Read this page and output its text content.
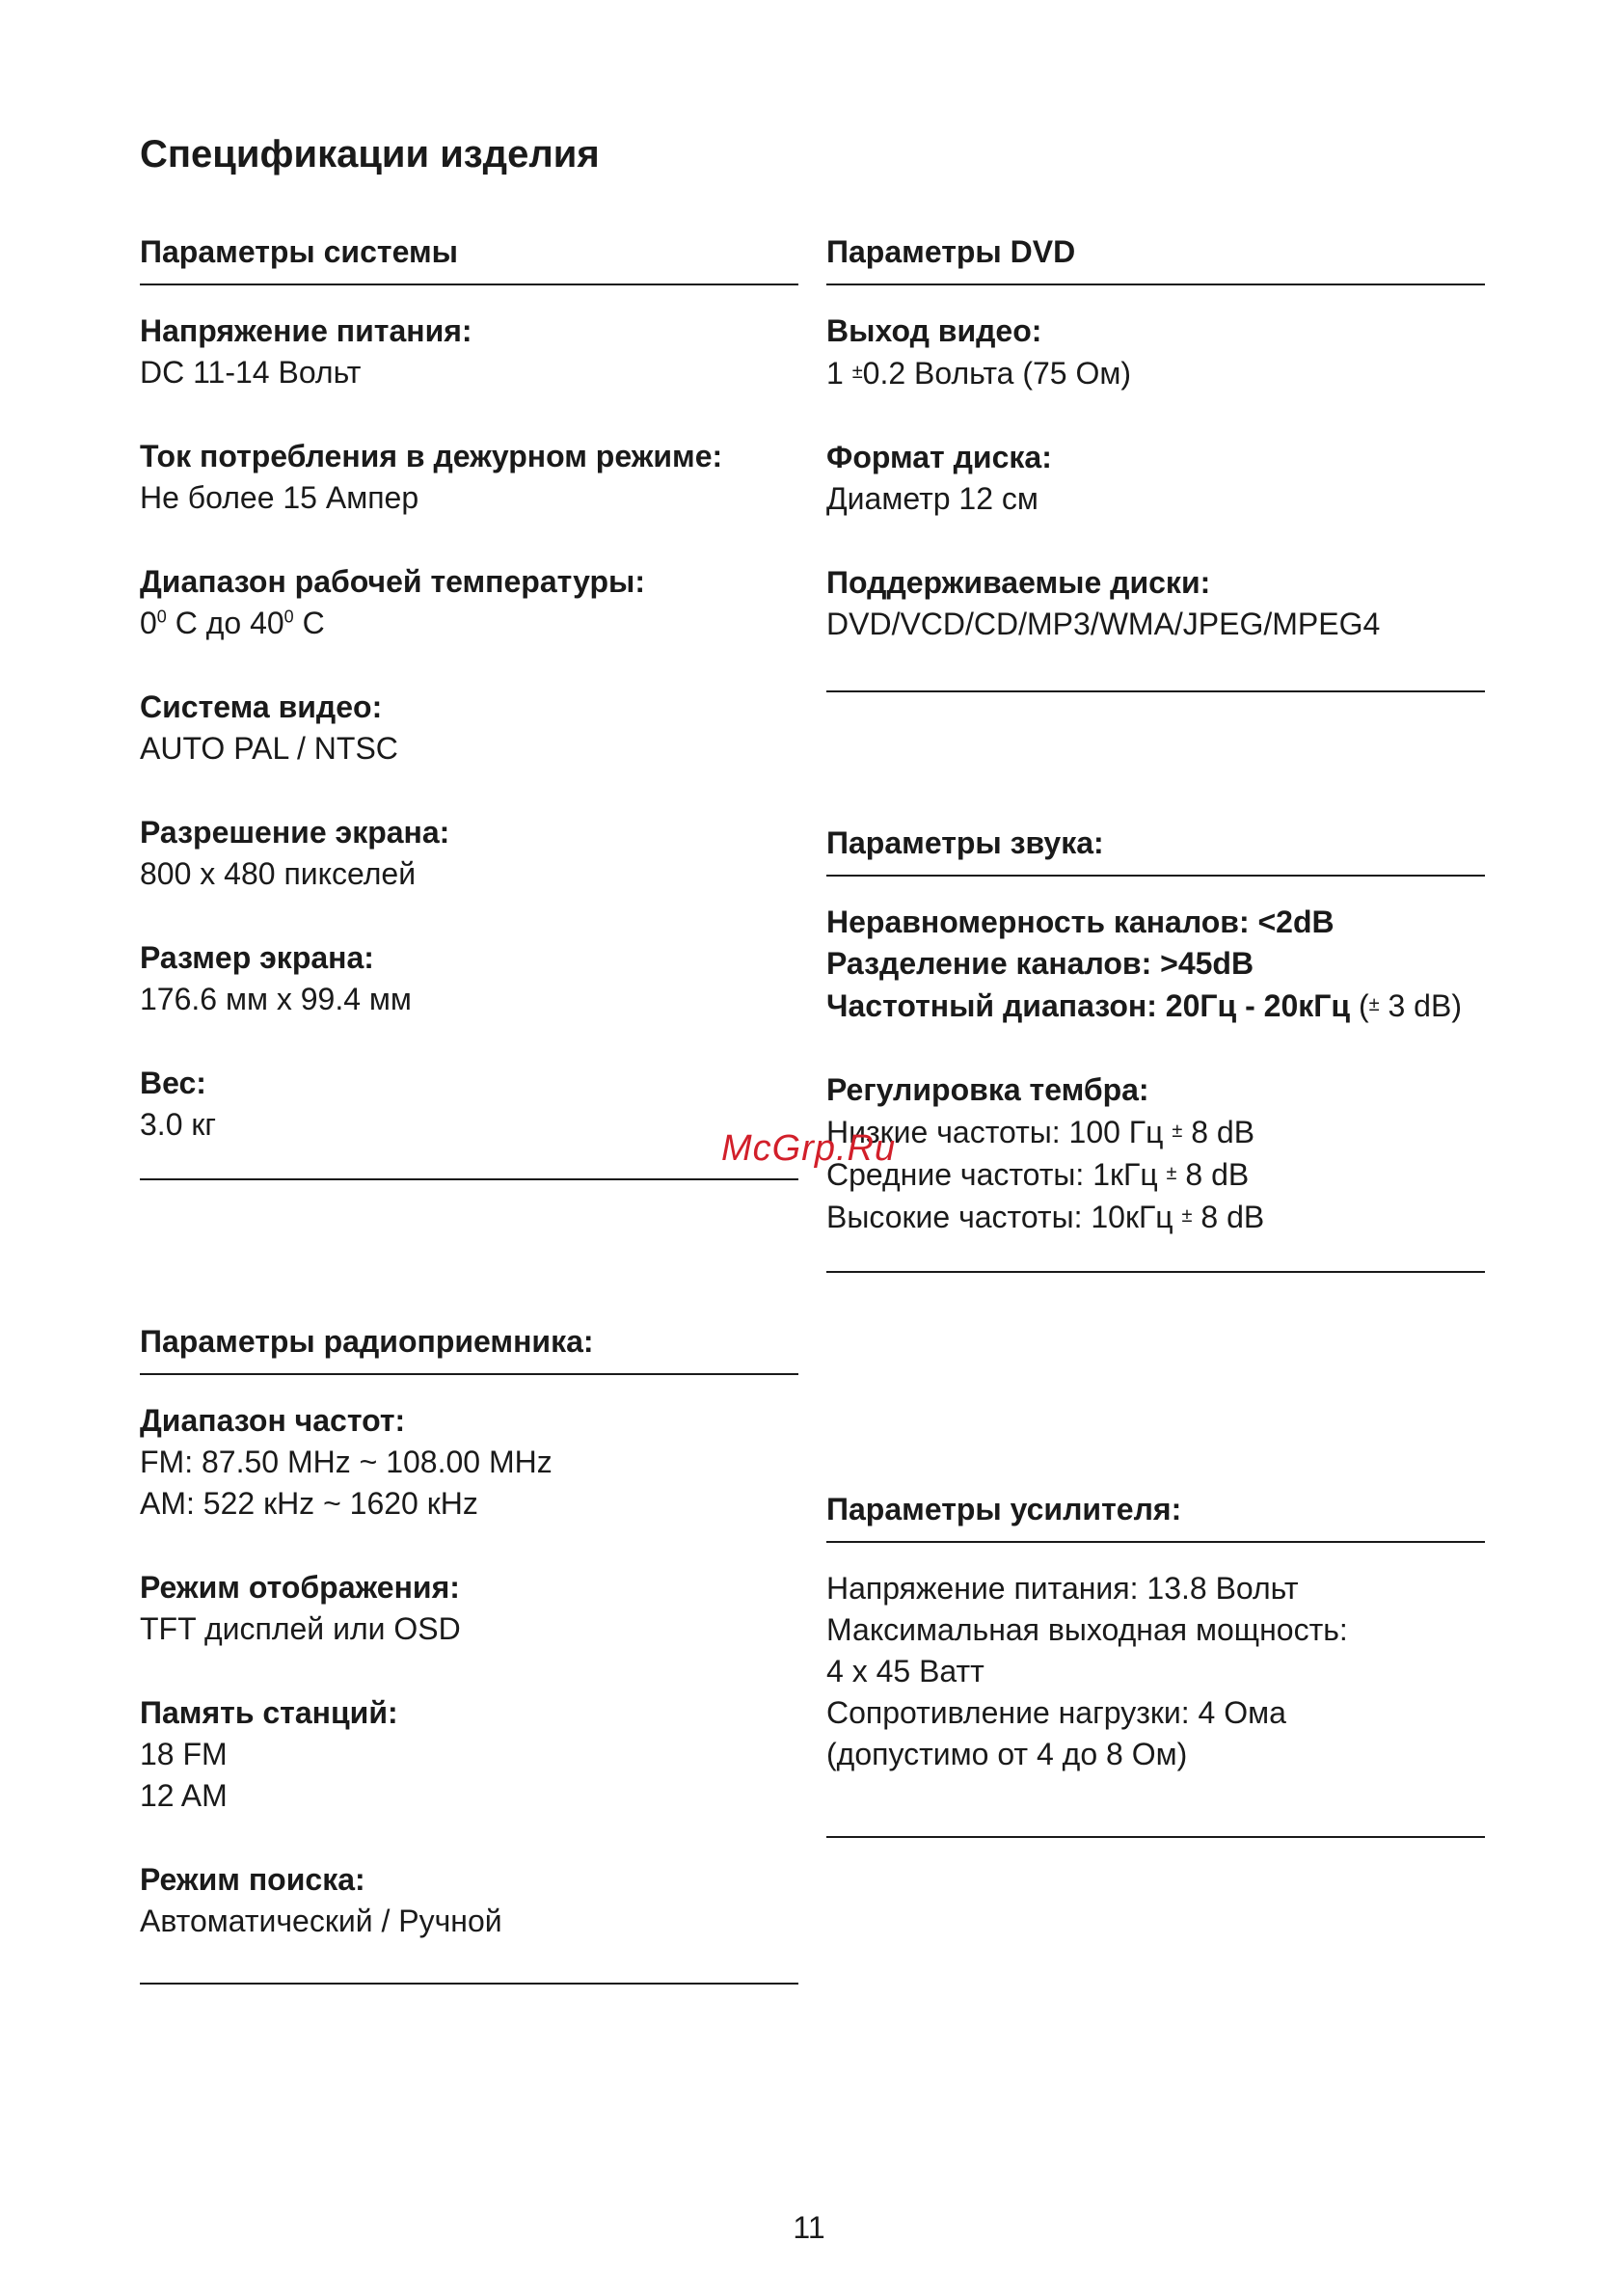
Спецификации изделия
Параметры системы
Напряжение питания:
DC 11-14 Вольт
Ток потребления в дежурном режиме:
Не более 15 Ампер
Диапазон рабочей температуры:
$0^0$ С до $40^0$ С
Система видео:
AUTO PAL / NTSC
Разрешение экрана:
800 х 480 пикселей
Размер экрана:
176.6 мм х 99.4 мм
Вес:
3.0 кг
Параметры радиоприемника:
Диапазон частот:
FM: 87.50 MHz ~ 108.00 MHz
AM: 522 кHz ~ 1620 кHz
Режим отображения:
TFT дисплей или OSD
Память станций:
18 FM
12 AM
Режим поиска:
Автоматический / Ручной
Параметры DVD
Выход видео:
1 ±0.2 Вольта (75 Ом)
Формат диска:
Диаметр 12 см
Поддерживаемые диски:
DVD/VCD/CD/MP3/WMA/JPEG/MPEG4
Параметры звука:
Неравномерность каналов: <2dB
Разделение каналов: >45dB
Частотный диапазон: 20Гц - 20кГц (± 3 dB)
Регулировка тембра:
Низкие частоты: 100 Гц ± 8 dB
Средние частоты: 1кГц ± 8 dB
Высокие частоты: 10кГц ± 8 dB
Параметры усилителя:
Напряжение питания: 13.8 Вольт
Максимальная выходная мощность:
4 х 45 Ватт
Сопротивление нагрузки: 4 Ома
(допустимо от 4 до 8 Ом)
McGrp.Ru
11
